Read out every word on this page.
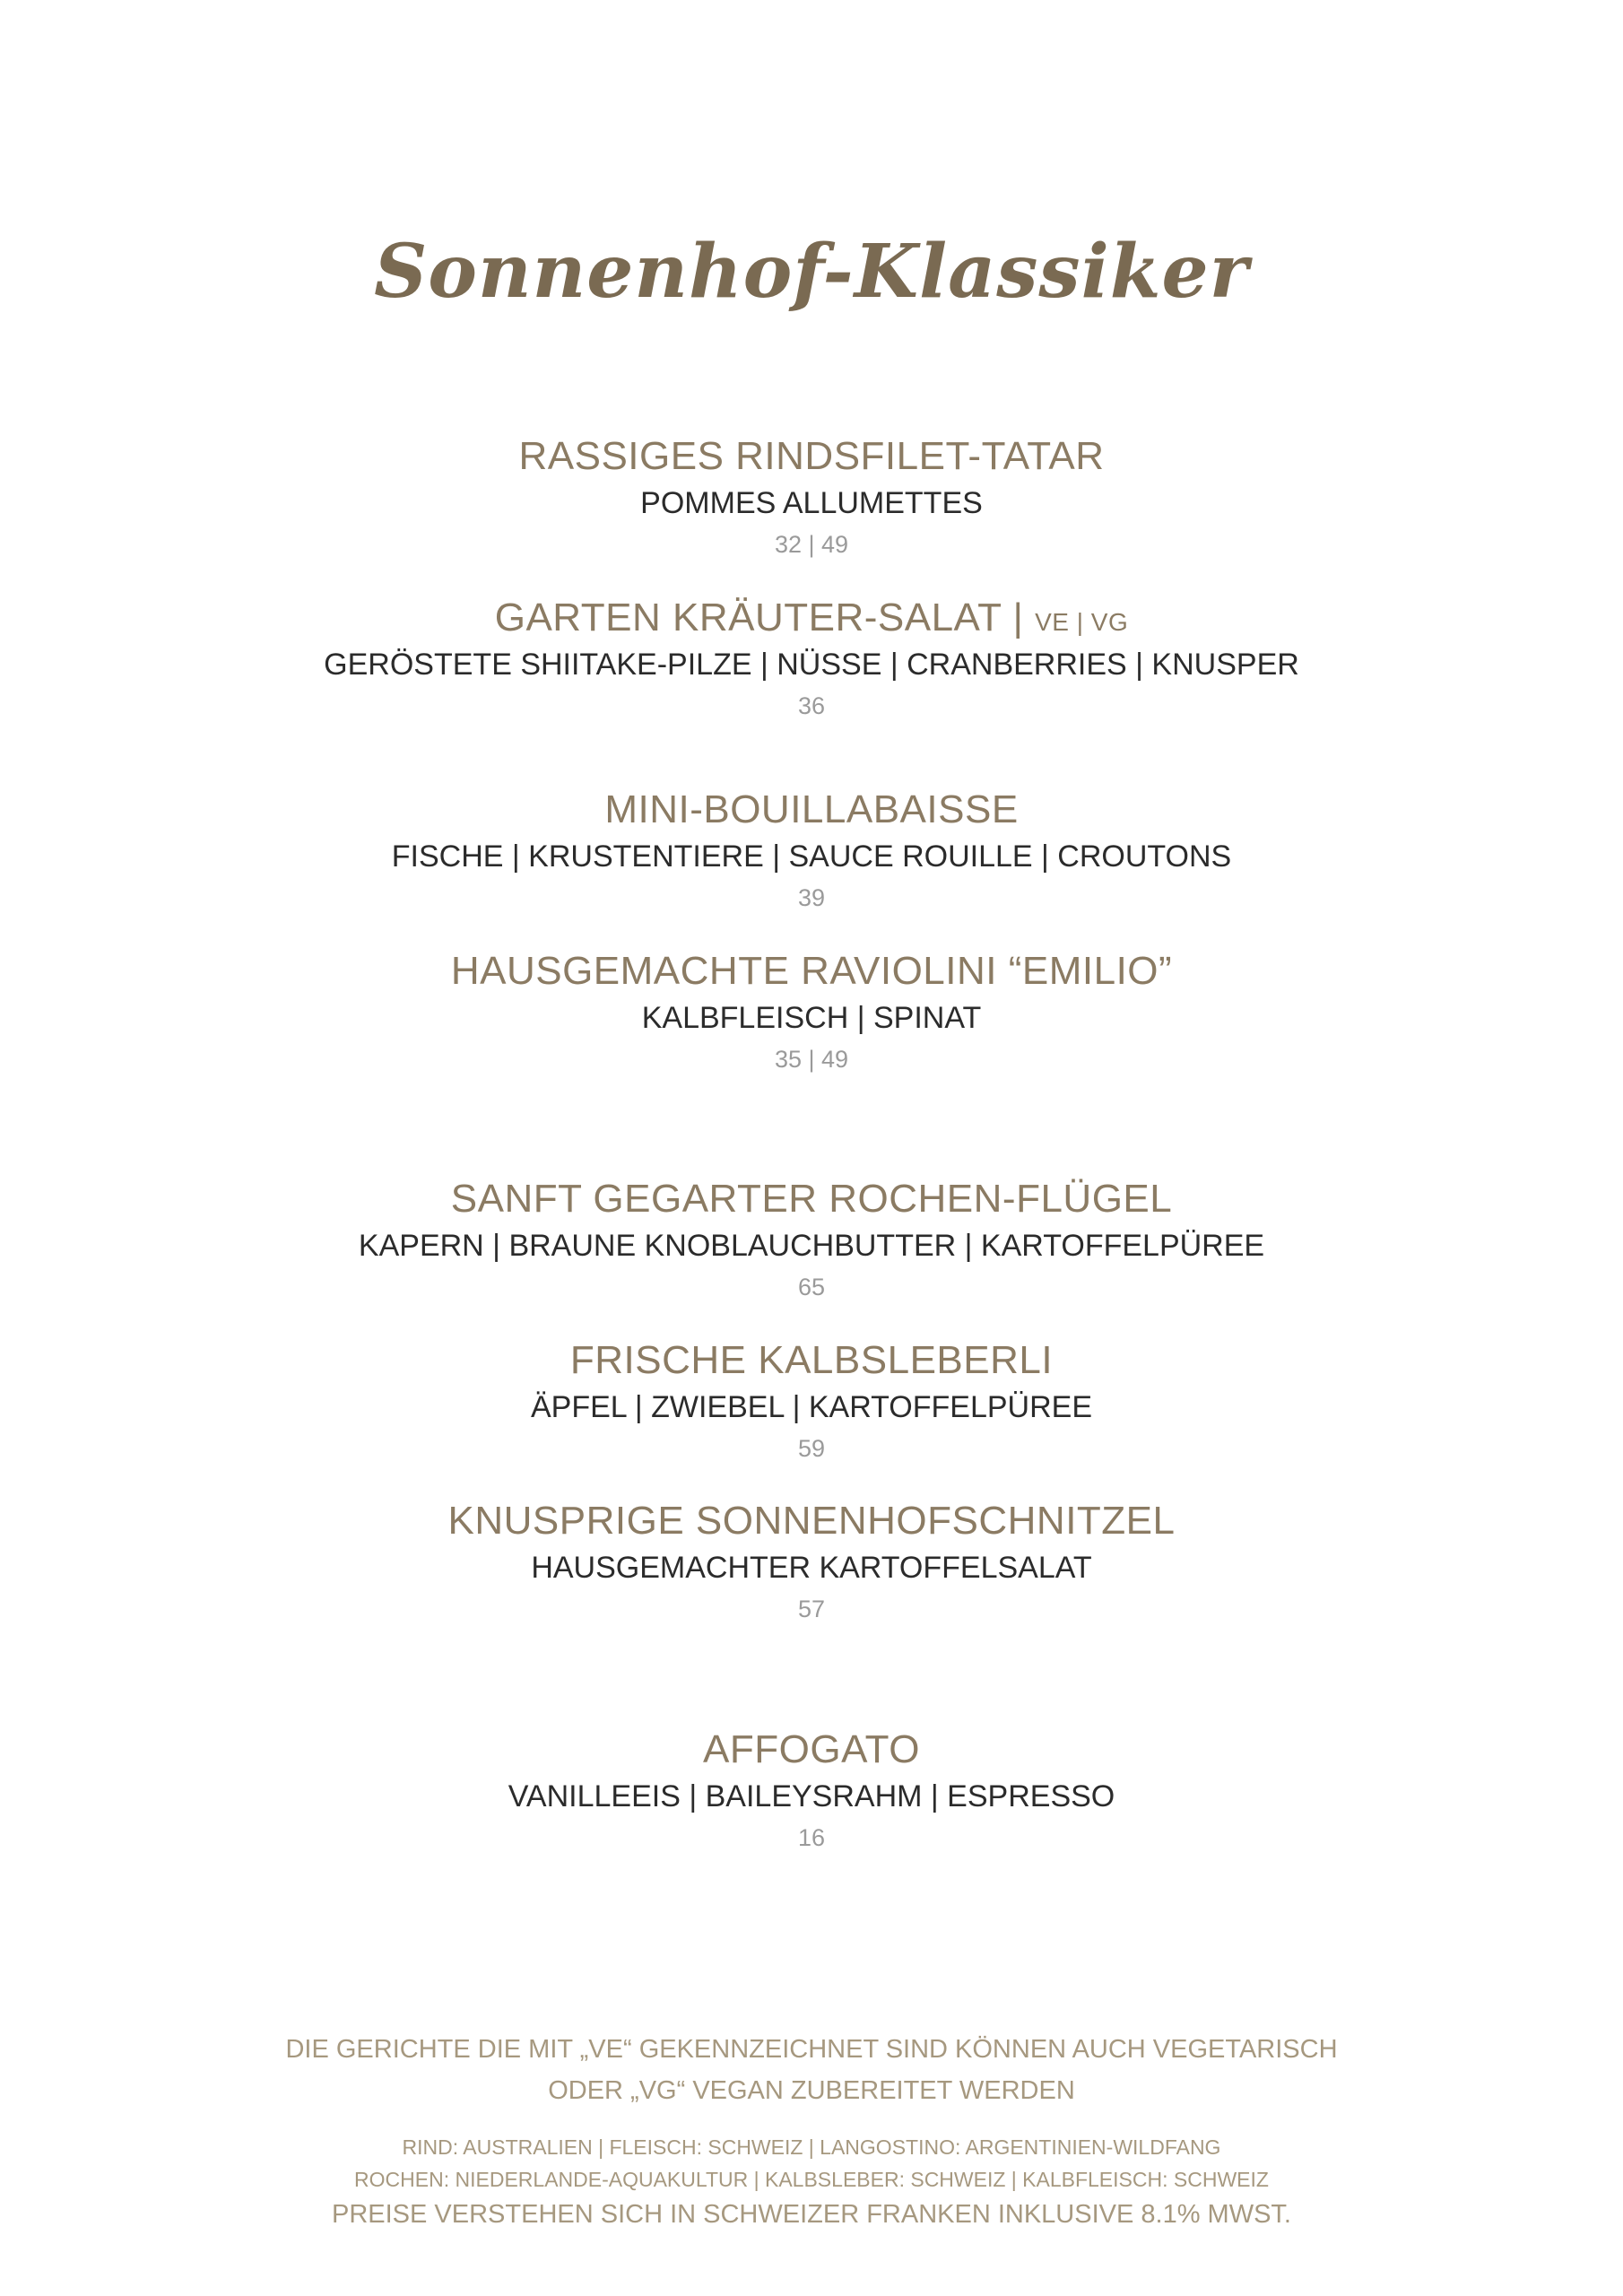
Sonnenhof-Klassiker
RASSIGES RINDSFILET-TATAR
POMMES ALLUMETTES
32 | 49
GARTEN KRÄUTER-SALAT | VE | VG
GERÖSTETE SHIITAKE-PILZE | NÜSSE | CRANBERRIES | KNUSPER
36
MINI-BOUILLABAISSE
FISCHE | KRUSTENTIERE | SAUCE ROUILLE | CROUTONS
39
HAUSGEMACHTE RAVIOLINI “EMILIO”
KALBFLEISCH | SPINAT
35 | 49
SANFT GEGARTER ROCHEN-FLÜGEL
KAPERN | BRAUNE KNOBLAUCHBUTTER | KARTOFFELPÜREE
65
FRISCHE KALBSLEBERLI
ÄPFEL | ZWIEBEL | KARTOFFELPÜREE
59
KNUSPRIGE SONNENHOFSCHNITZEL
HAUSGEMACHTER KARTOFFELSALAT
57
AFFOGATO
VANILLEEIS | BAILEYSRAHM | ESPRESSO
16
DIE GERICHTE DIE MIT „VE“ GEKENNZEICHNET SIND KÖNNEN AUCH VEGETARISCH
ODER „VG“ VEGAN ZUBEREITET WERDEN
RIND: AUSTRALIEN | FLEISCH: SCHWEIZ | LANGOSTINO: ARGENTINIEN-WILDFANG
ROCHEN: NIEDERLANDE-AQUAKULTUR | KALBSLEBER: SCHWEIZ | KALBFLEISCH: SCHWEIZ
PREISE VERSTEHEN SICH IN SCHWEIZER FRANKEN INKLUSIVE 8.1% MWST.
